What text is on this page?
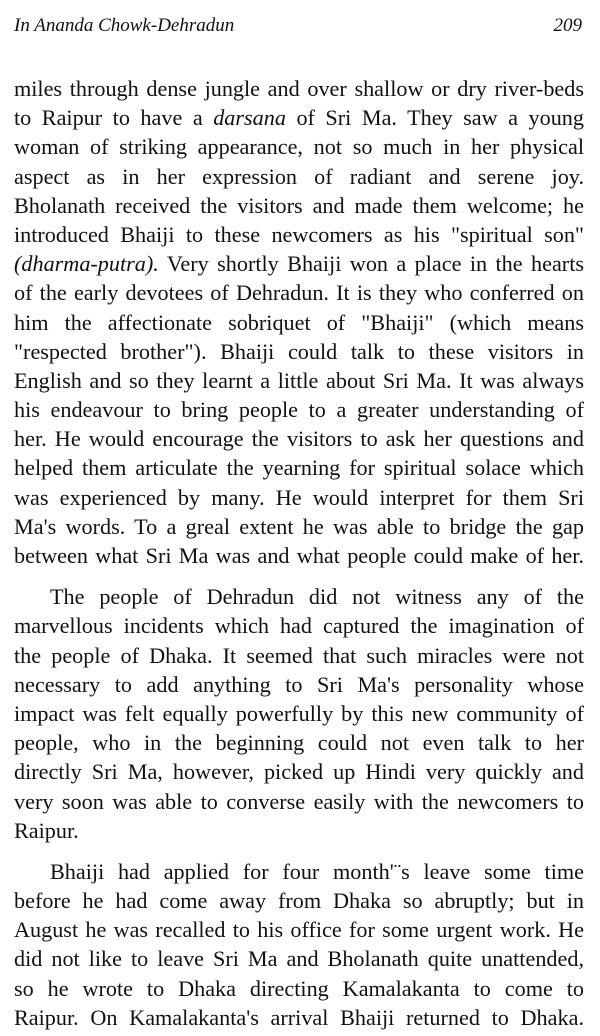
In Ananda Chowk-Dehradun	209

miles through dense jungle and over shallow or dry river-beds
to Raipur to have a darsana of Sri Ma. They saw a young
woman of striking appearance, not so much in her physical
aspect as in her expression of radiant and serene joy.
Bholanath received the visitors and made them welcome; he
introduced Bhaiji to these newcomers as his "spiritual son"
(dharma-putra). Very shortly Bhaiji won a place in the hearts
of the early devotees of Dehradun. It is they who conferred on
him the affectionate sobriquet of "Bhaiji" (which means
"respected brother"). Bhaiji could talk to these visitors in
English and so they learnt a little about Sri Ma. It was always
his endeavour to bring people to a greater understanding of
her. He would encourage the visitors to ask her questions and
helped them articulate the yearning for spiritual solace which
was experienced by many. He would interpret for them Sri
Ma's words. To a greal extent he was able to bridge the gap
between what Sri Ma was and what people could make of her.

The people of Dehradun did not witness any of the
marvellous incidents which had captured the imagination of
the people of Dhaka. It seemed that such miracles were not
necessary to add anything to Sri Ma's personality whose
impact was felt equally powerfully by this new community of
people, who in the beginning could not even talk to her
directly Sri Ma, however, picked up Hindi very quickly and
very soon was able to converse easily with the newcomers to
Raipur.

Bhaiji had applied for four month'¨s leave some time
before he had come away from Dhaka so abruptly; but in
August he was recalled to his office for some urgent work. He
did not like to leave Sri Ma and Bholanath quite unattended,
so he wrote to Dhaka directing Kamalakanta to come to
Raipur. On Kamalakanta's arrival Bhaiji returned to Dhaka.
